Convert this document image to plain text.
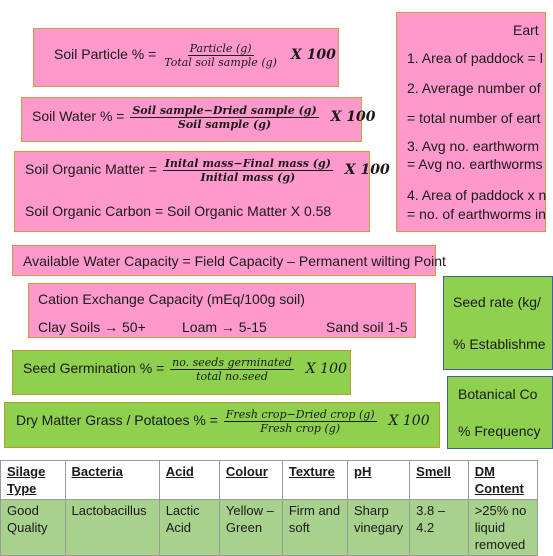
Soil Particle % = $\frac{\text{Particle (g)}}{\text{Total soil sample (g)}}$ X 100
Soil Water % = $\frac{\text{Soil sample−Dried sample (g)}}{\text{Soil sample (g)}}$ X 100
Soil Organic Matter = $\frac{\text{Inital mass−Final mass (g)}}{\text{Initial mass (g)}}$ X 100
Soil Organic Carbon = Soil Organic Matter X 0.58
Available Water Capacity = Field Capacity – Permanent wilting Point
Cation Exchange Capacity (mEq/100g soil)
Clay Soils → 50+	Loam → 5-15	Sand soil 1-5
Eart
1. Area of paddock = l
2. Average number of
= total number of eart
3. Avg no. earthworm
= Avg no. earthworms
4. Area of paddock x n
= no. of earthworms in
Seed rate (kg/
% Establishme
Botanical Co
% Frequency
Seed Germination % = $\frac{\text{no. seeds germinated}}{\text{total no.seed}}$ X 100
Dry Matter Grass / Potatoes % = $\frac{\text{Fresh crop−Dried crop (g)}}{\text{Fresh crop (g)}}$ X 100
Silage Type	Bacteria	Acid	Colour	Texture	pH	Smell	DM Content
Good Quality	Lactobacillus	Lactic Acid	Yellow – Green	Firm and soft	Sharp vinegary	3.8 – 4.2	>25% no liquid removed
